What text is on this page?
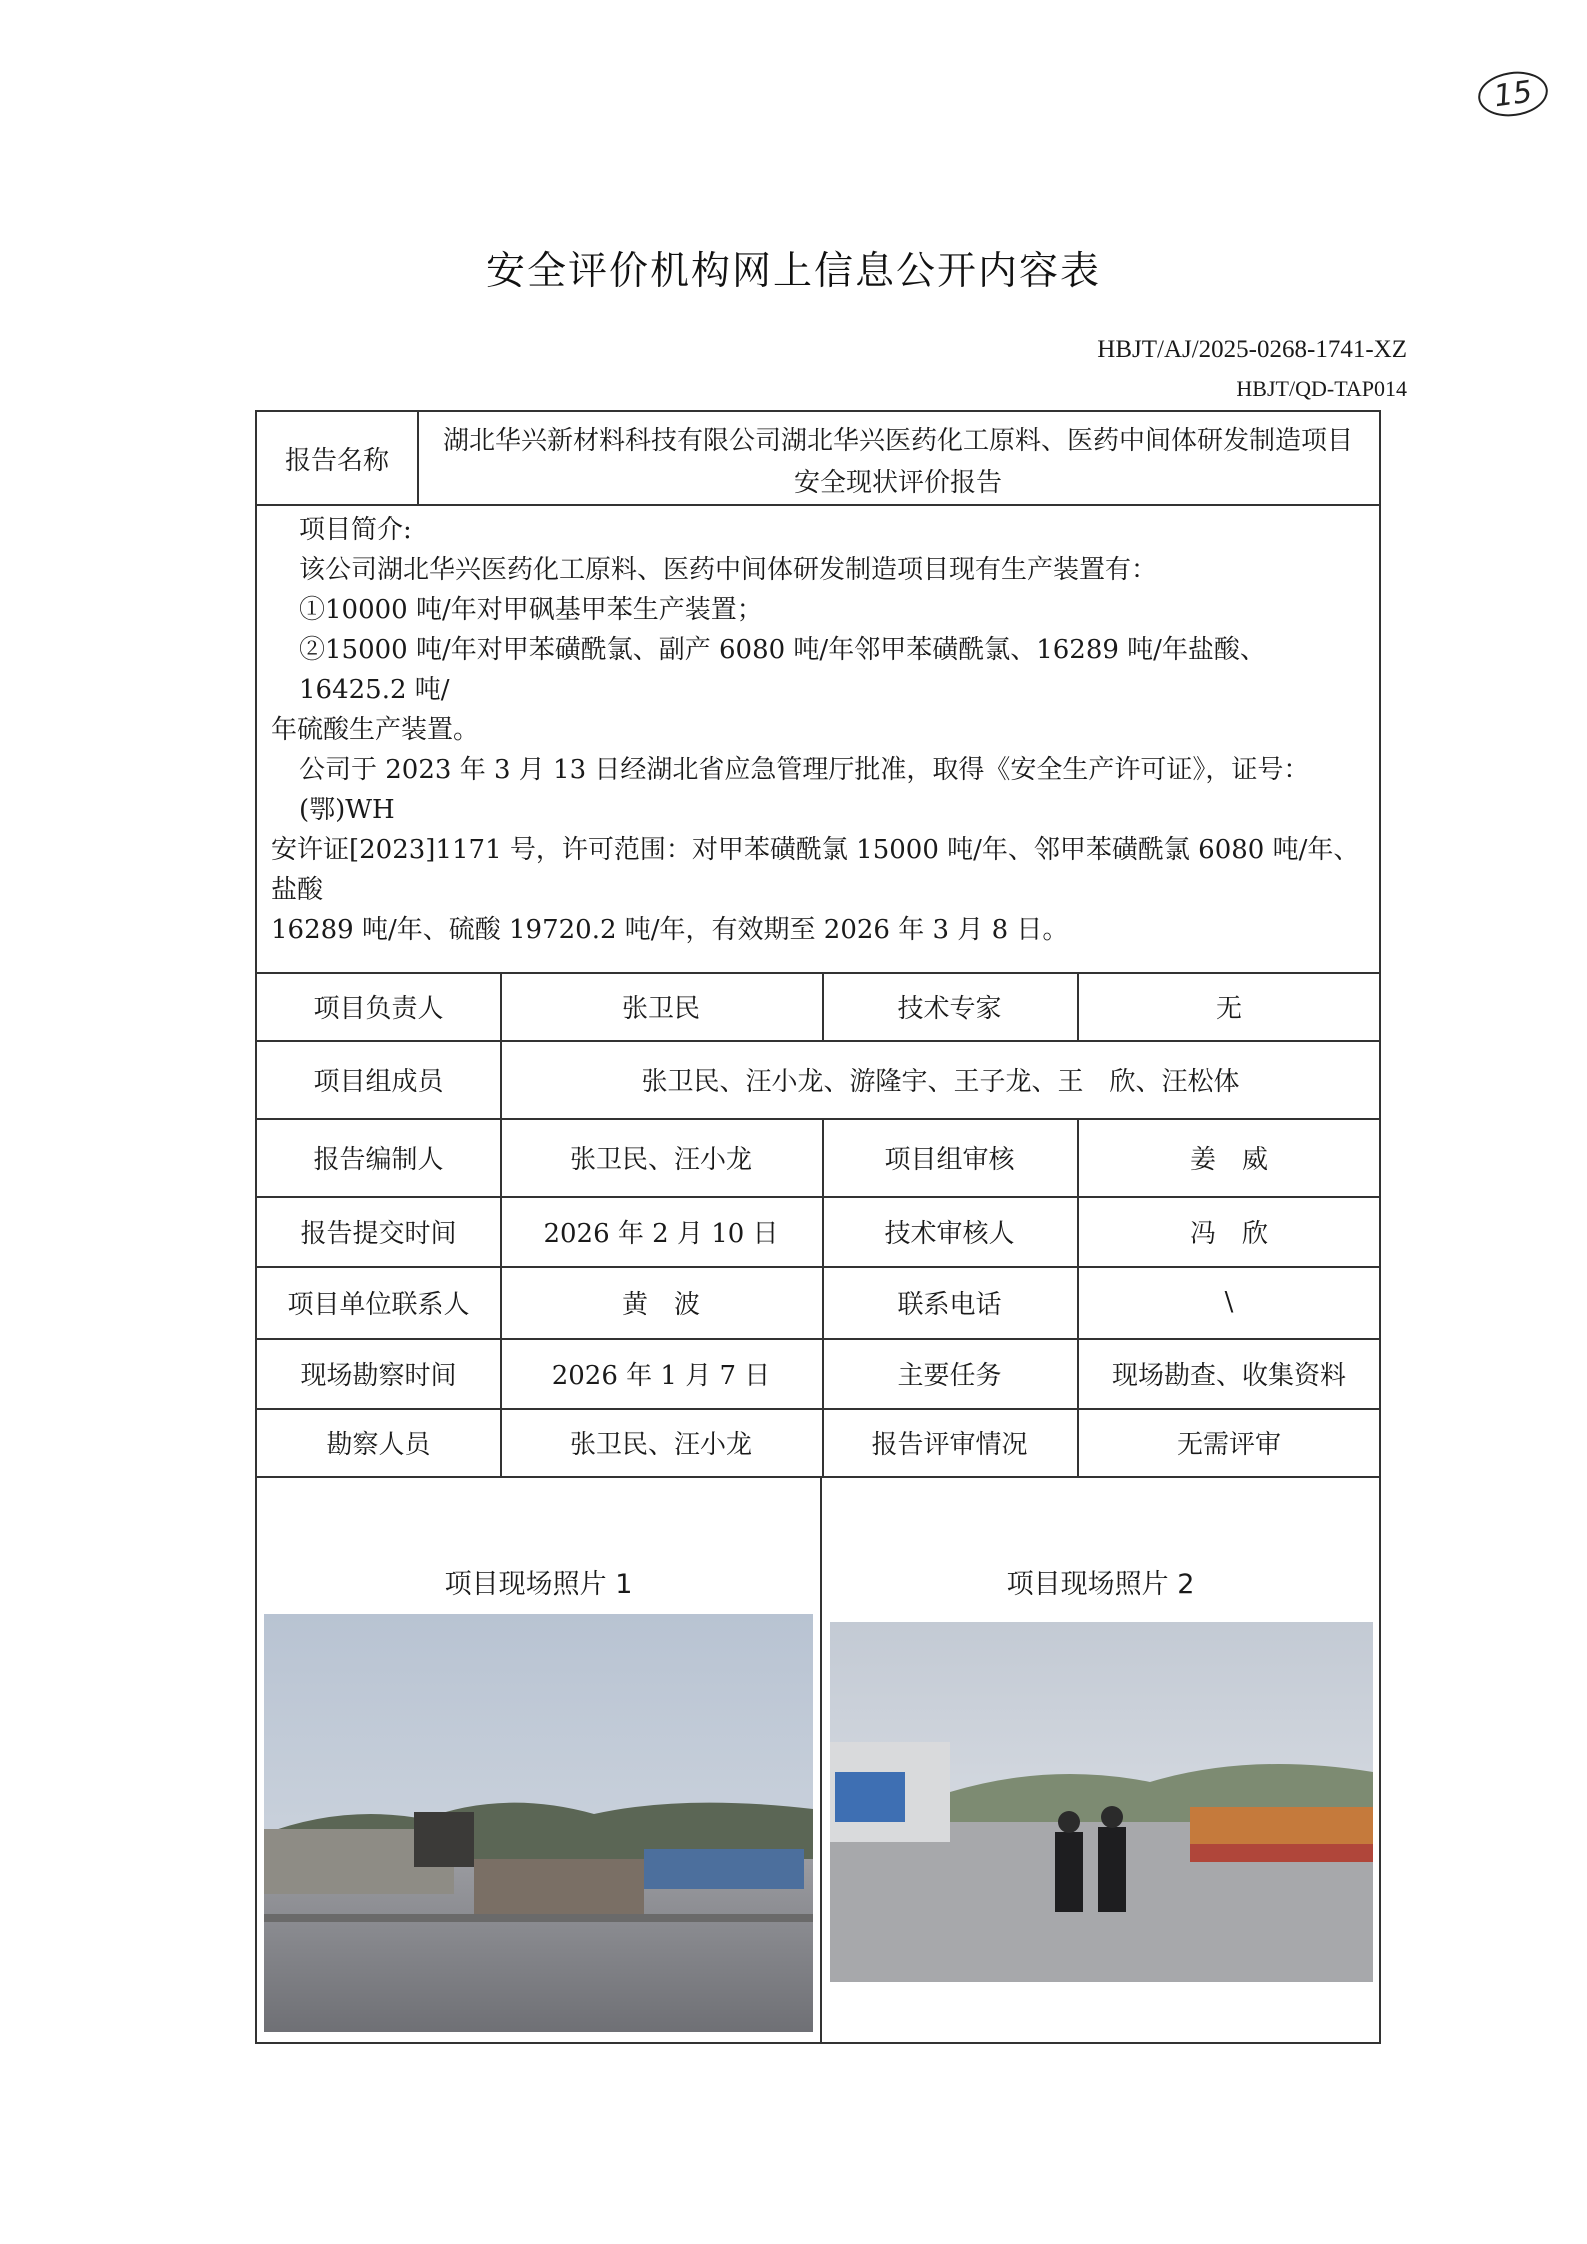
15
安全评价机构网上信息公开内容表
HBJT/AJ/2025-0268-1741-XZ
HBJT/QD-TAP014
报告名称
湖北华兴新材料科技有限公司湖北华兴医药化工原料、医药中间体研发制造项目
安全现状评价报告

项目简介:

该公司湖北华兴医药化工原料、医药中间体研发制造项目现有生产装置有：

①10000 吨/年对甲砜基甲苯生产装置；

②15000 吨/年对甲苯磺酰氯、副产 6080 吨/年邻甲苯磺酰氯、16289 吨/年盐酸、16425.2 吨/

年硫酸生产装置。

公司于 2023 年 3 月 13 日经湖北省应急管理厅批准，取得《安全生产许可证》，证号：(鄂)WH

安许证[2023]1171 号，许可范围：对甲苯磺酰氯 15000 吨/年、邻甲苯磺酰氯 6080 吨/年、盐酸

16289 吨/年、硫酸 19720.2 吨/年，有效期至 2026 年 3 月 8 日。

项目负责人	张卫民	技术专家	无
项目组成员	张卫民、汪小龙、游隆宇、王子龙、王　欣、汪松体
报告编制人	张卫民、汪小龙	项目组审核	姜　威
报告提交时间	2026 年 2 月 10 日	技术审核人	冯　欣
项目单位联系人	黄　波	联系电话	\
现场勘察时间	2026 年 1 月 7 日	主要任务	现场勘查、收集资料
勘察人员	张卫民、汪小龙	报告评审情况	无需评审
项目现场照片 1	项目现场照片 2
